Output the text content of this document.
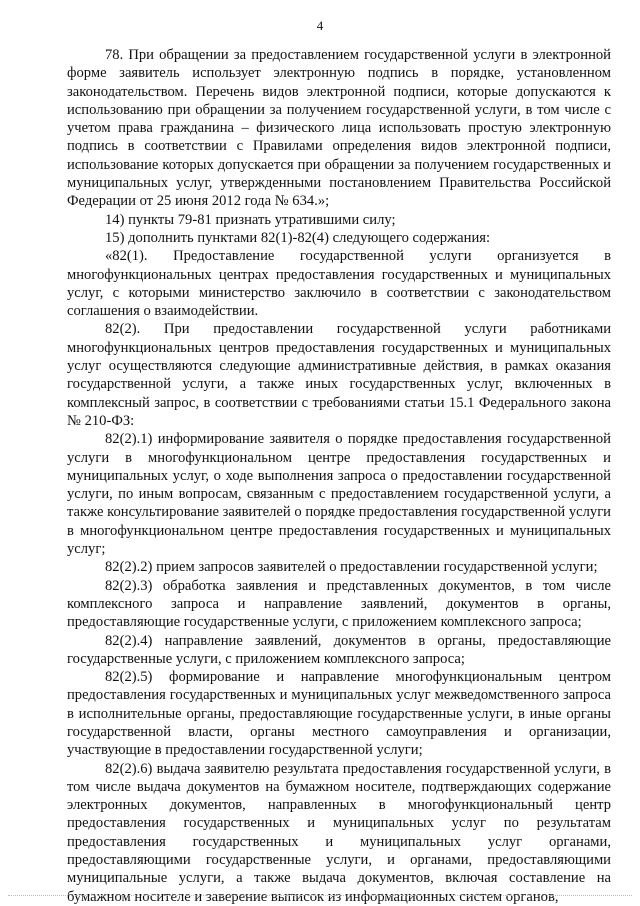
4

78. При обращении за предоставлением государственной услуги в электронной форме заявитель использует электронную подпись в порядке, установленном законодательством. Перечень видов электронной подписи, которые допускаются к использованию при обращении за получением государственной услуги, в том числе с учетом права гражданина – физического лица использовать простую электронную подпись в соответствии с Правилами определения видов электронной подписи, использование которых допускается при обращении за получением государственных и муниципальных услуг, утвержденными постановлением Правительства Российской Федерации от 25 июня 2012 года № 634.»;

14) пункты 79-81 признать утратившими силу;

15) дополнить пунктами 82(1)-82(4) следующего содержания:

«82(1). Предоставление государственной услуги организуется в многофункциональных центрах предоставления государственных и муниципальных услуг, с которыми министерство заключило в соответствии с законодательством соглашения о взаимодействии.

82(2). При предоставлении государственной услуги работниками многофункциональных центров предоставления государственных и муниципальных услуг осуществляются следующие административные действия, в рамках оказания государственной услуги, а также иных государственных услуг, включенных в комплексный запрос, в соответствии с требованиями статьи 15.1 Федерального закона № 210-ФЗ:

82(2).1) информирование заявителя о порядке предоставления государственной услуги в многофункциональном центре предоставления государственных и муниципальных услуг, о ходе выполнения запроса о предоставлении государственной услуги, по иным вопросам, связанным с предоставлением государственной услуги, а также консультирование заявителей о порядке предоставления государственной услуги в многофункциональном центре предоставления государственных и муниципальных услуг;

82(2).2) прием запросов заявителей о предоставлении государственной услуги;

82(2).3) обработка заявления и представленных документов, в том числе комплексного запроса и направление заявлений, документов в органы, предоставляющие государственные услуги, с приложением комплексного запроса;

82(2).4) направление заявлений, документов в органы, предоставляющие государственные услуги, с приложением комплексного запроса;

82(2).5) формирование и направление многофункциональным центром предоставления государственных и муниципальных услуг межведомственного запроса в исполнительные органы, предоставляющие государственные услуги, в иные органы государственной власти, органы местного самоуправления и организации, участвующие в предоставлении государственной услуги;

82(2).6) выдача заявителю результата предоставления государственной услуги, в том числе выдача документов на бумажном носителе, подтверждающих содержание электронных документов, направленных в многофункциональный центр предоставления государственных и муниципальных услуг по результатам предоставления государственных и муниципальных услуг органами, предоставляющими государственные услуги, и органами, предоставляющими муниципальные услуги, а также выдача документов, включая составление на бумажном носителе и заверение выписок из информационных систем органов,
